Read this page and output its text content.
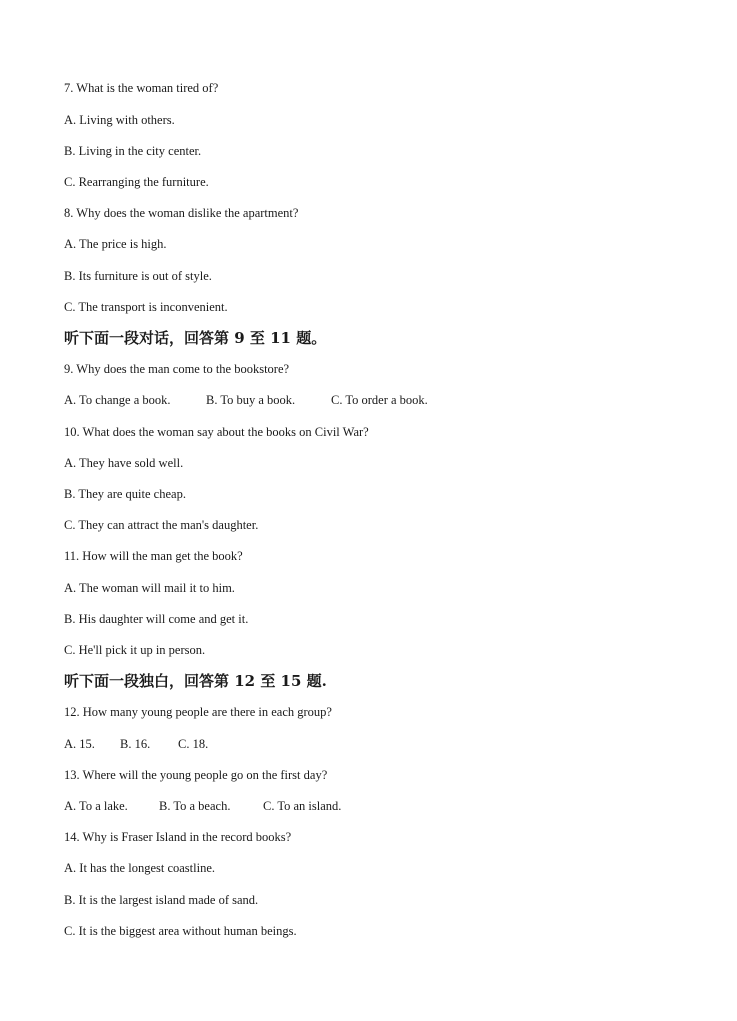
7. What is the woman tired of?
A. Living with others.
B. Living in the city center.
C. Rearranging the furniture.
8. Why does the woman dislike the apartment?
A. The price is high.
B. Its furniture is out of style.
C. The transport is inconvenient.
听下面一段对话，回答第 9 至 11 题。
9. Why does the man come to the bookstore?
A. To change a book.	B. To buy a book.	C. To order a book.
10. What does the woman say about the books on Civil War?
A. They have sold well.
B. They are quite cheap.
C. They can attract the man's daughter.
11. How will the man get the book?
A. The woman will mail it to him.
B. His daughter will come and get it.
C. He'll pick it up in person.
听下面一段独白，回答第 12 至 15 题.
12. How many young people are there in each group?
A. 15. B. 16. C. 18.
13. Where will the young people go on the first day?
A. To a lake. B. To a beach.	C. To an island.
14. Why is Fraser Island in the record books?
A. It has the longest coastline.
B. It is the largest island made of sand.
C. It is the biggest area without human beings.
